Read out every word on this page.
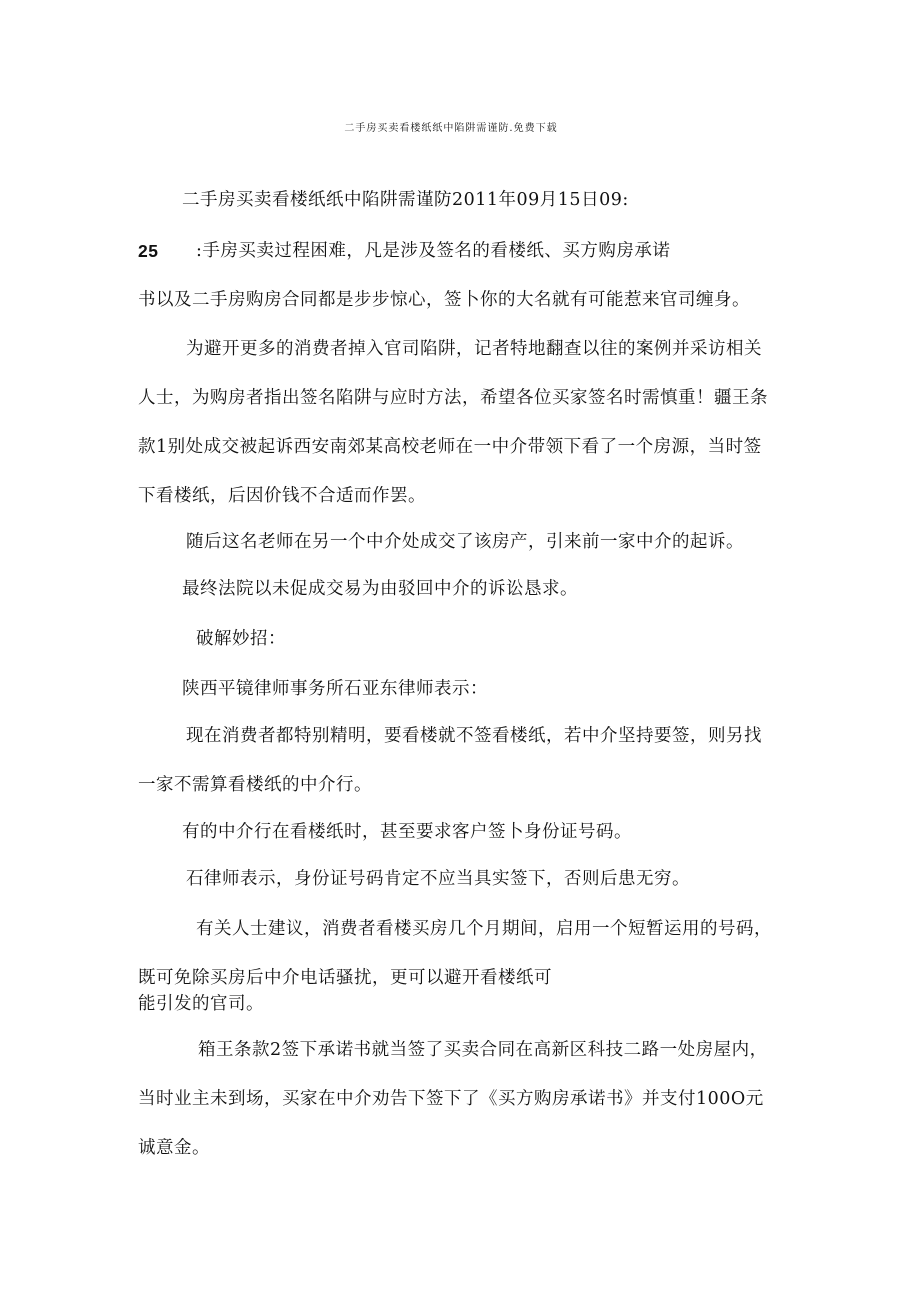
二手房买卖看楼纸纸中陷阱需谨防.免费下载
二手房买卖看楼纸纸中陷阱需谨防2011年09月15日09:
25 :手房买卖过程困难，凡是涉及签名的看楼纸、买方购房承诺
书以及二手房购房合同都是步步惊心，签卜你的大名就有可能惹来官司缠身。
为避开更多的消费者掉入官司陷阱，记者特地翻查以往的案例并采访相关
人士，为购房者指出签名陷阱与应时方法，希望各位买家签名时需慎重！疆王条
款1别处成交被起诉西安南郊某高校老师在一中介带领下看了一个房源，当时签
下看楼纸，后因价钱不合适而作罢。
随后这名老师在另一个中介处成交了该房产，引来前一家中介的起诉。
最终法院以未促成交易为由驳回中介的诉讼恳求。
破解妙招：
陕西平镜律师事务所石亚东律师表示：
现在消费者都特别精明，要看楼就不签看楼纸，若中介坚持要签，则另找
一家不需算看楼纸的中介行。
有的中介行在看楼纸时，甚至要求客户签卜身份证号码。
石律师表示，身份证号码肯定不应当具实签下，否则后患无穷。
有关人士建议，消费者看楼买房几个月期间，启用一个短暂运用的号码，
既可免除买房后中介电话骚扰，更可以避开看楼纸可
能引发的官司。
箱王条款2签下承诺书就当签了买卖合同在高新区科技二路一处房屋内，
当时业主未到场，买家在中介劝告下签下了《买方购房承诺书》并支付100O元
诚意金。
